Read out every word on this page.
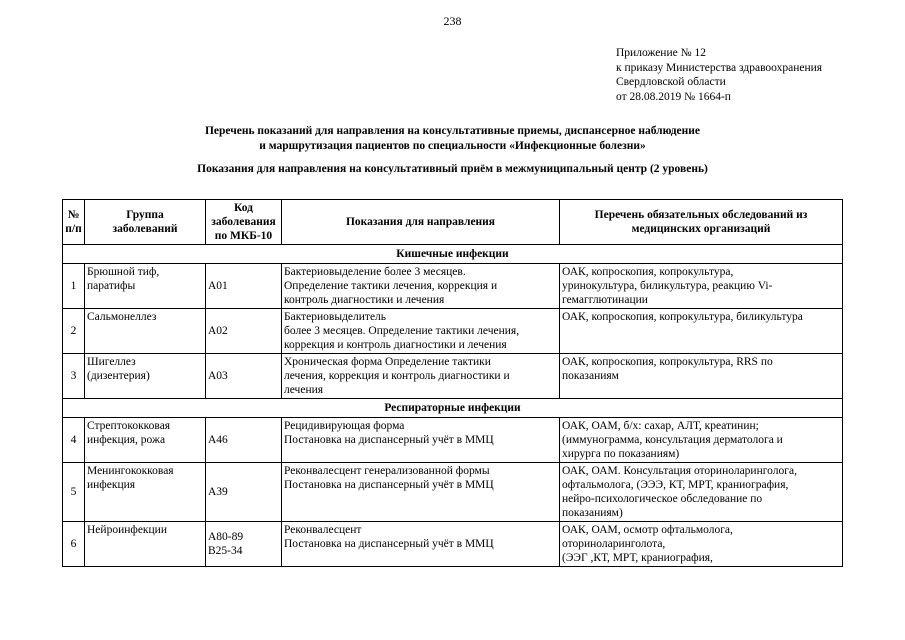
238
Приложение № 12
к приказу Министерства здравоохранения
Свердловской области
от 28.08.2019 № 1664-п
Перечень показаний для направления на консультативные приемы, диспансерное наблюдение
и маршрутизация пациентов по специальности «Инфекционные болезни»
Показания для направления на консультативный приём в межмуниципальный центр (2 уровень)
№
п/п	Группа
заболеваний	Код
заболевания
по МКБ-10	Показания для направления	Перечень обязательных обследований из
медицинских организаций

Кишечные инфекции				
1	Брюшной тиф,
паратифы	A01	Бактериовыделение более 3 месяцев.
Определение тактики лечения, коррекция и
контроль диагностики и лечения	ОАК, копроскопия, копрокультура,
уринокультура, биликультура, реакцию Vi-
гемагглютинации

2	Сальмонеллез	A02	Бактериовыделитель
более 3 месяцев. Определение тактики лечения,
коррекция и контроль диагностики и лечения	ОАК, копроскопия, копрокультура, биликультура

3	Шигеллез
(дизентерия)	A03	Хроническая форма Определение тактики
лечения, коррекция и контроль диагностики и
лечения	ОАК, копроскопия, копрокультура, RRS по
показаниям

Респираторные инфекции				
4	Стрептококковая
инфекция, рожа	A46	Рецидивирующая форма
Постановка на диспансерный учёт в ММЦ	ОАК, ОАМ, б/х: сахар, АЛТ, креатинин;
(иммунограмма, консультация дерматолога и
хирурга по показаниям)

5	Менингококковая
инфекция	A39	Реконвалесцент генерализованной формы
Постановка на диспансерный учёт в ММЦ	ОАК, ОАМ. Консультация оториноларинголога,
офтальмолога, (ЭЭЭ, КТ, МРТ, краниография,
нейро-психологическое обследование по
показаниям)

6	Нейроинфекции	A80-89
B25-34	Реконвалесцент
Постановка на диспансерный учёт в ММЦ	ОАК, ОАМ, осмотр офтальмолога,
оториноларинголота,
(ЭЭГ ,КТ, МРТ, краниография,
